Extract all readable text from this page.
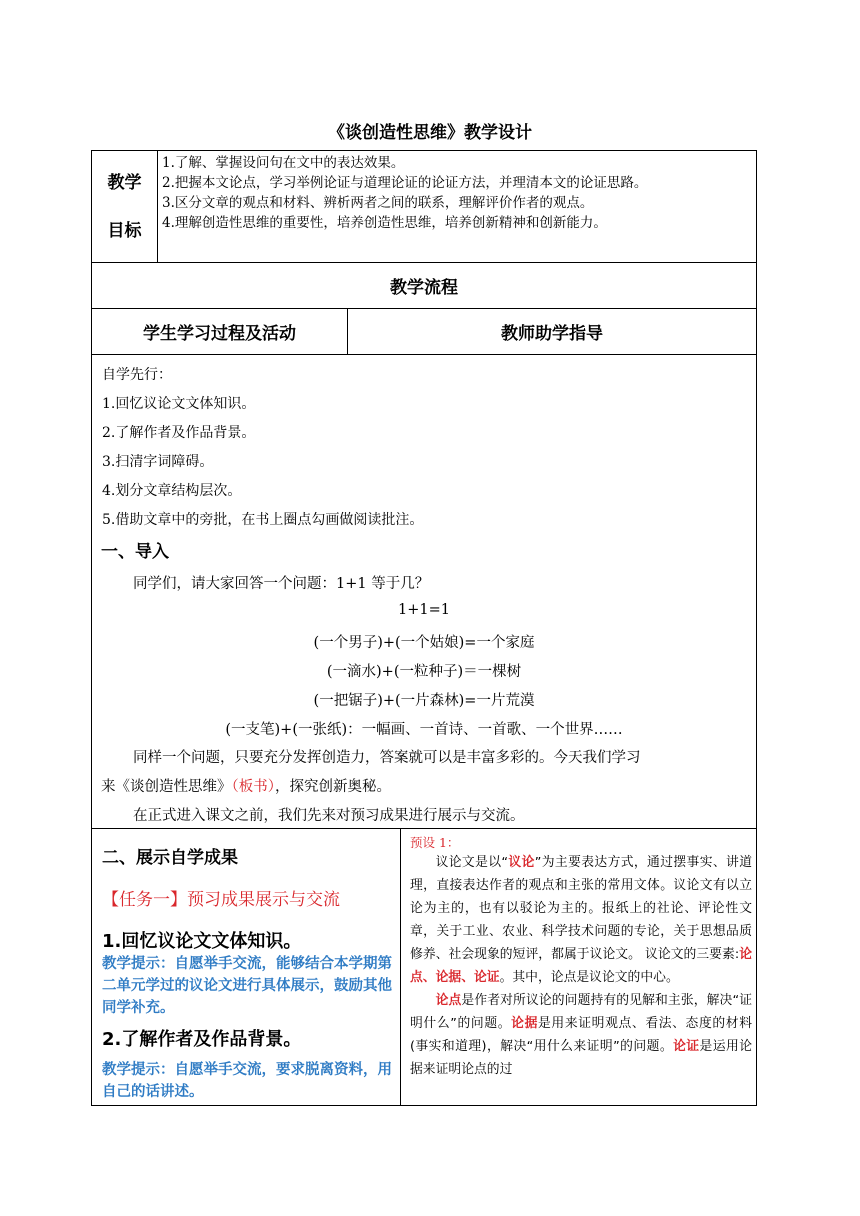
《谈创造性思维》教学设计
教学
目标
1.了解、掌握设问句在文中的表达效果。
2.把握本文论点，学习举例论证与道理论证的论证方法，并理清本文的论证思路。
3.区分文章的观点和材料、辨析两者之间的联系，理解评价作者的观点。
4.理解创造性思维的重要性，培养创造性思维，培养创新精神和创新能力。
教学流程
学生学习过程及活动	教师助学指导
自学先行：
1.回忆议论文文体知识。
2.了解作者及作品背景。
3.扫清字词障碍。
4.划分文章结构层次。
5.借助文章中的旁批，在书上圈点勾画做阅读批注。
一、导入
同学们，请大家回答一个问题：1+1 等于几？
1+1=1
(一个男子)+(一个姑娘)=一个家庭
(一滴水)+(一粒种子)＝一棵树
(一把锯子)+(一片森林)=一片荒漠
(一支笔)+(一张纸)：一幅画、一首诗、一首歌、一个世界……
同样一个问题，只要充分发挥创造力，答案就可以是丰富多彩的。今天我们学习
来《谈创造性思维》（板书），探究创新奥秘。
在正式进入课文之前，我们先来对预习成果进行展示与交流。
二、展示自学成果
【任务一】预习成果展示与交流
1.回忆议论文文体知识。
教学提示：自愿举手交流，能够结合本学期第二单元学过的议论文进行具体展示，鼓励其他同学补充。
2.了解作者及作品背景。
教学提示：自愿举手交流，要求脱离资料，用自己的话讲述。
预设 1：
议论文是以“议论”为主要表达方式，通过摆事实、讲道理，直接表达作者的观点和主张的常用文体。议论文有以立论为主的，也有以驳论为主的。报纸上的社论、评论性文章，关于工业、农业、科学技术问题的专论，关于思想品质修养、社会现象的短评，都属于议论文。 议论文的三要素:论点、论据、论证。其中，论点是议论文的中心。
论点是作者对所议论的问题持有的见解和主张，解决“证明什么”的问题。论据是用来证明观点、看法、态度的材料(事实和道理)，解决“用什么来证明”的问题。论证是运用论据来证明论点的过
